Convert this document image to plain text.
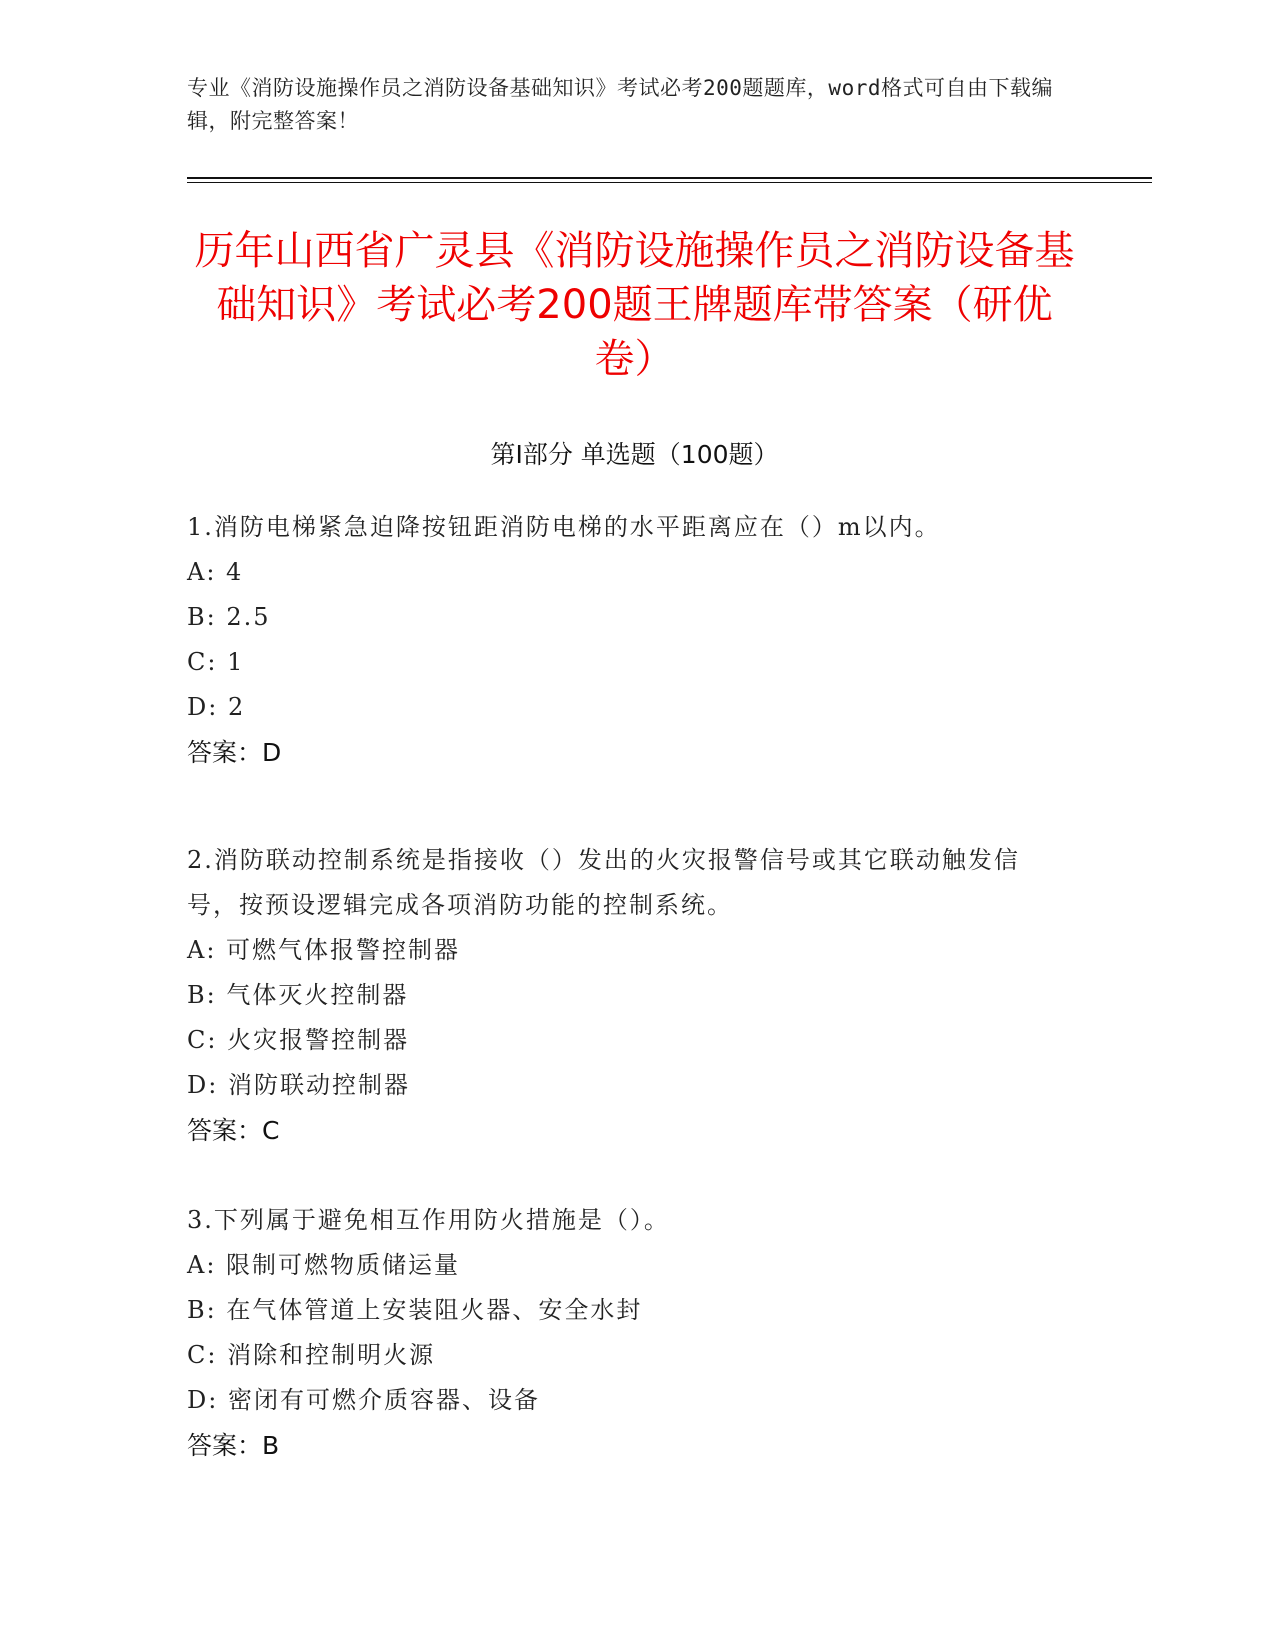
专业《消防设施操作员之消防设备基础知识》考试必考200题题库，word格式可自由下载编辑，附完整答案！
历年山西省广灵县《消防设施操作员之消防设备基础知识》考试必考200题王牌题库带答案（研优卷）
第Ⅰ部分 单选题（100题）
1.消防电梯紧急迫降按钮距消防电梯的水平距离应在（）m以内。
A: 4
B: 2.5
C: 1
D: 2
答案：D
2.消防联动控制系统是指接收（）发出的火灾报警信号或其它联动触发信号，按预设逻辑完成各项消防功能的控制系统。
A: 可燃气体报警控制器
B: 气体灭火控制器
C: 火灾报警控制器
D: 消防联动控制器
答案：C
3.下列属于避免相互作用防火措施是（）。
A: 限制可燃物质储运量
B: 在气体管道上安装阻火器、安全水封
C: 消除和控制明火源
D: 密闭有可燃介质容器、设备
答案：B
